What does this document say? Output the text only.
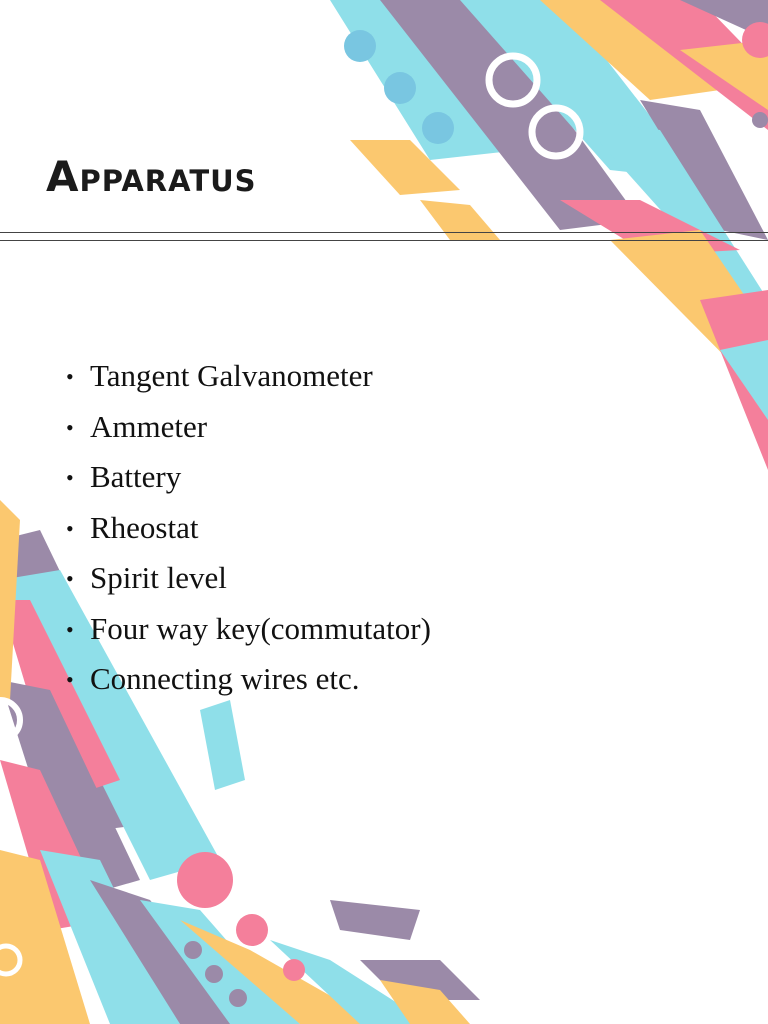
Apparatus
• Tangent Galvanometer
• Ammeter
• Battery
• Rheostat
• Spirit level
• Four way key(commutator)
• Connecting wires etc.
